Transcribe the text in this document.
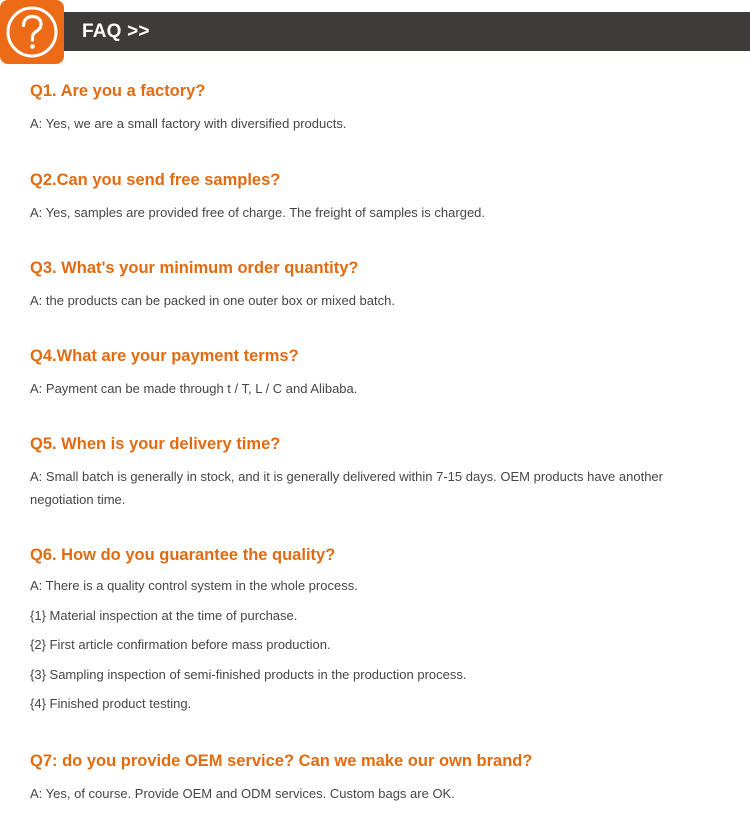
FAQ >>
Q1. Are you a factory?
A: Yes, we are a small factory with diversified products.
Q2.Can you send free samples?
A: Yes, samples are provided free of charge. The freight of samples is charged.
Q3. What's your minimum order quantity?
A: the products can be packed in one outer box or mixed batch.
Q4.What are your payment terms?
A: Payment can be made through t / T, L / C and Alibaba.
Q5. When is your delivery time?
A: Small batch is generally in stock, and it is generally delivered within 7-15 days. OEM products have another negotiation time.
Q6. How do you guarantee the quality?
A: There is a quality control system in the whole process.
{1} Material inspection at the time of purchase.
{2} First article confirmation before mass production.
{3} Sampling inspection of semi-finished products in the production process.
{4} Finished product testing.
Q7: do you provide OEM service? Can we make our own brand?
A: Yes, of course. Provide OEM and ODM services. Custom bags are OK.
